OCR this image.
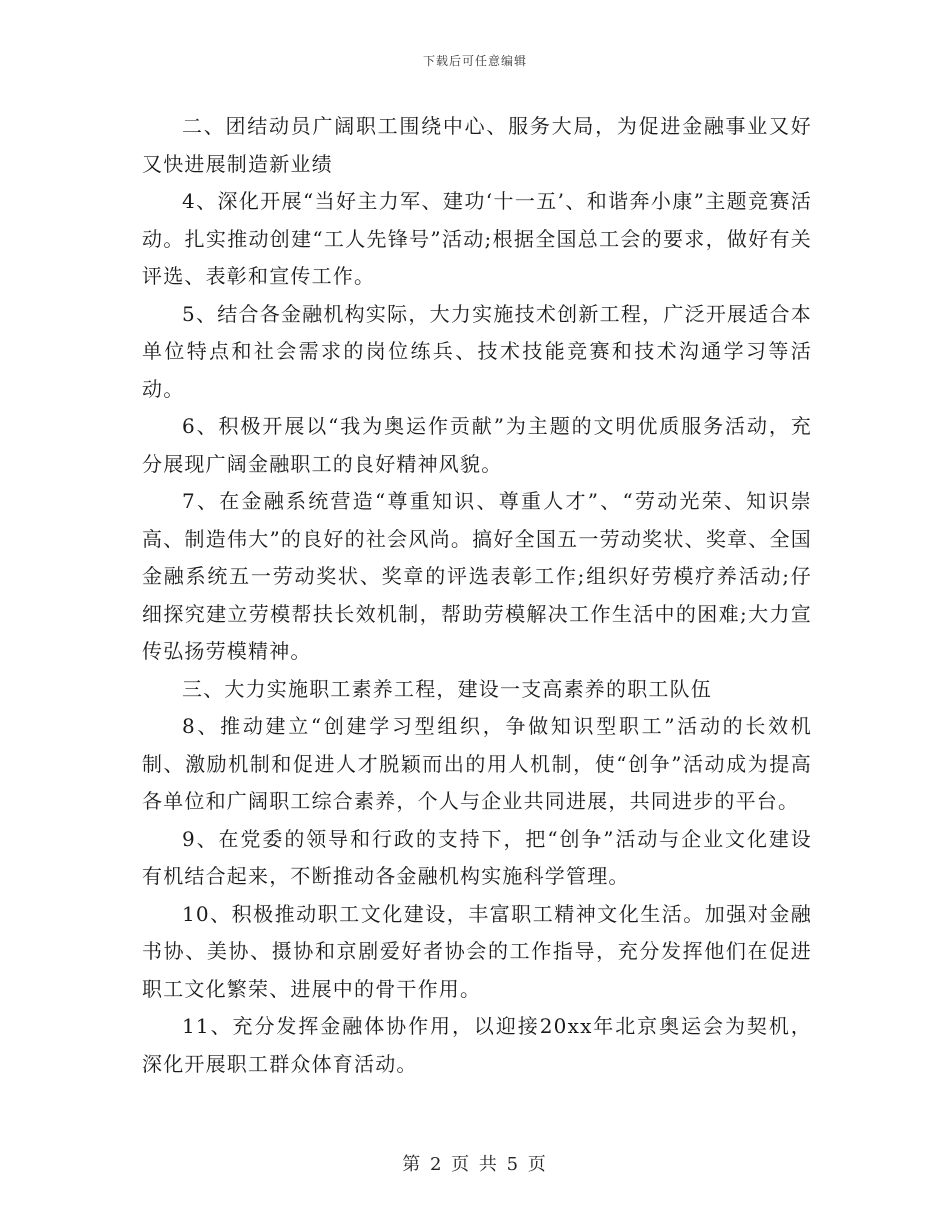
下载后可任意编辑

二、团结动员广阔职工围绕中心、服务大局，为促进金融事业又好又快进展制造新业绩

4、深化开展“当好主力军、建功‘十一五’、和谐奔小康”主题竞赛活动。扎实推动创建“工人先锋号”活动;根据全国总工会的要求，做好有关评选、表彰和宣传工作。

5、结合各金融机构实际，大力实施技术创新工程，广泛开展适合本单位特点和社会需求的岗位练兵、技术技能竞赛和技术沟通学习等活动。

6、积极开展以“我为奥运作贡献”为主题的文明优质服务活动，充分展现广阔金融职工的良好精神风貌。

7、在金融系统营造“尊重知识、尊重人才”、“劳动光荣、知识崇高、制造伟大”的良好的社会风尚。搞好全国五一劳动奖状、奖章、全国金融系统五一劳动奖状、奖章的评选表彰工作;组织好劳模疗养活动;仔细探究建立劳模帮扶长效机制，帮助劳模解决工作生活中的困难;大力宣传弘扬劳模精神。

三、大力实施职工素养工程，建设一支高素养的职工队伍

8、推动建立“创建学习型组织，争做知识型职工”活动的长效机制、激励机制和促进人才脱颖而出的用人机制，使“创争”活动成为提高各单位和广阔职工综合素养，个人与企业共同进展，共同进步的平台。

9、在党委的领导和行政的支持下，把“创争”活动与企业文化建设有机结合起来，不断推动各金融机构实施科学管理。

10、积极推动职工文化建设，丰富职工精神文化生活。加强对金融书协、美协、摄协和京剧爱好者协会的工作指导，充分发挥他们在促进职工文化繁荣、进展中的骨干作用。

11、充分发挥金融体协作用，以迎接20xx年北京奥运会为契机，深化开展职工群众体育活动。

第 2 页 共 5 页
